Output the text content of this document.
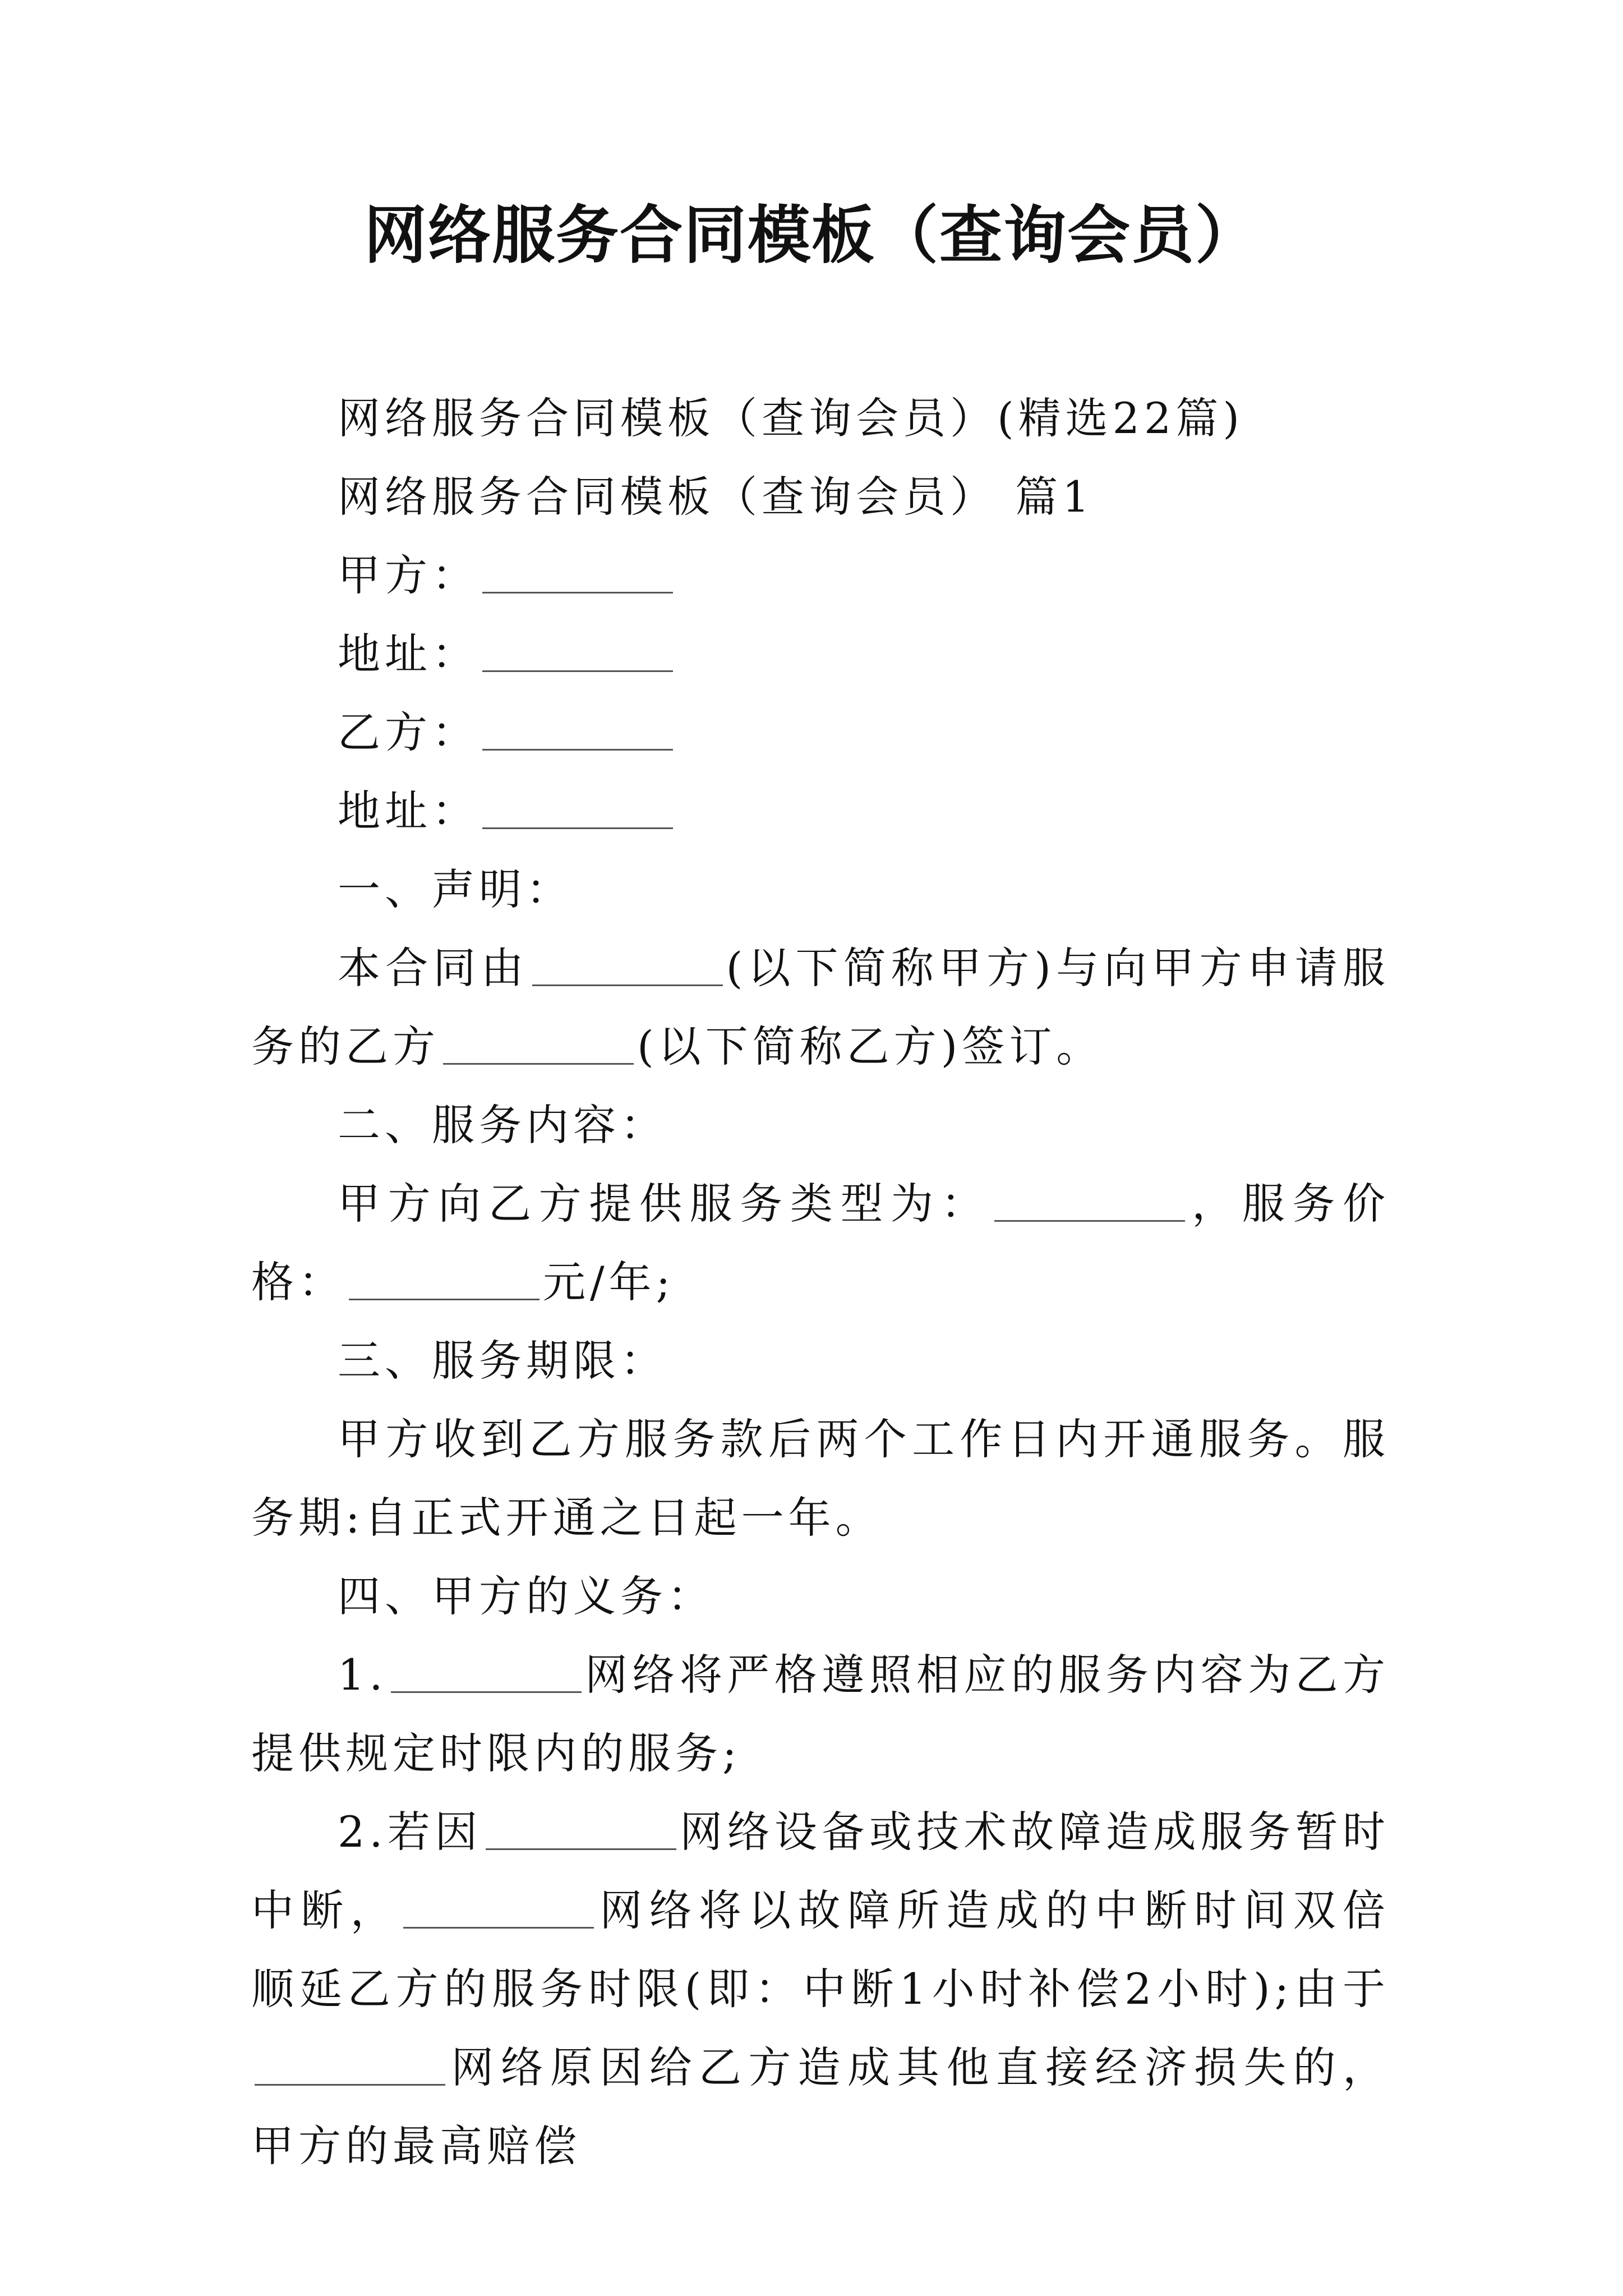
网络服务合同模板（查询会员）

网络服务合同模板（查询会员）(精选22篇)

网络服务合同模板（查询会员） 篇1

甲方：

地址：

乙方：

地址：

一、声明：

本合同由	(以下简称甲方)与向甲方申请服务的乙方	(以下简称乙方)签订。

二、服务内容：

甲方向乙方提供服务类型为：	，服务价格：	元/年;

三、服务期限：

甲方收到乙方服务款后两个工作日内开通服务。服务期:自正式开通之日起一年。

四、甲方的义务：

1.	网络将严格遵照相应的服务内容为乙方提供规定时限内的服务;

2.若因	网络设备或技术故障造成服务暂时中断，	网络将以故障所造成的中断时间双倍顺延乙方的服务时限(即：中断1小时补偿2小时);由于网络原因给乙方造成其他直接经济损失的，甲方的最高赔偿
